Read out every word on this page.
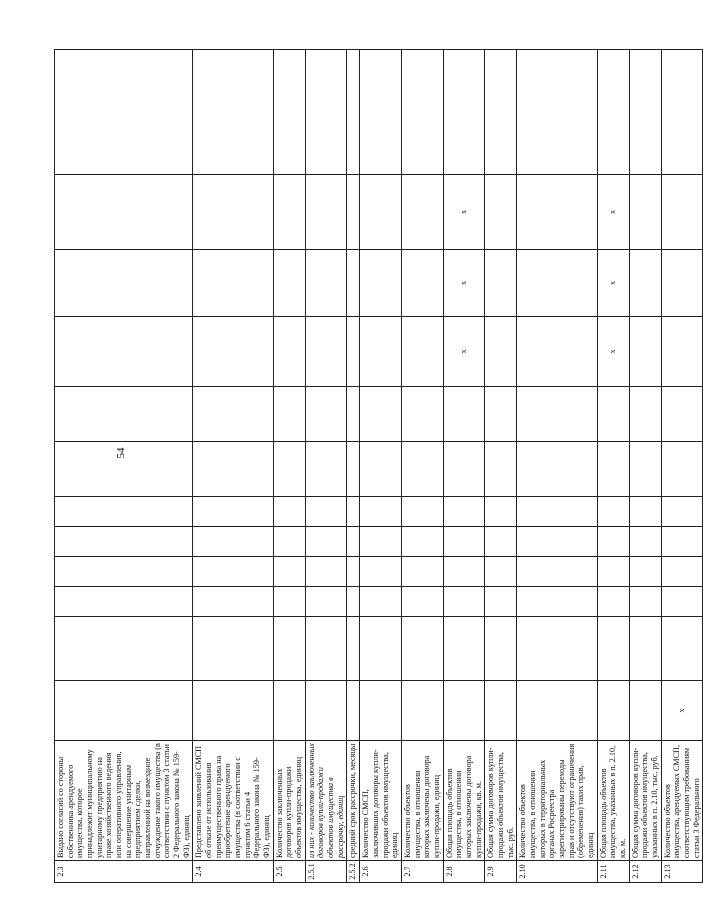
54
2.3	Выдано согласий со стороны собственника арендуемого имущества, которое принадлежит муниципальному унитарному предприятию на праве хозяйственного ведения или оперативного управления, на совершение унитарным предприятием сделки, направленной на возмездное отчуждение такого имущества (в соответствии с пунктом 3 статьи 2 Федерального закона № 159-ФЗ), единиц												
2.4	Представлено заявлений СМСП об отказе от использования преимущественного права на приобретение арендуемого имущества (в соответствии с пунктом 6 статьи 4 Федерального закона № 159-ФЗ), единиц												
2.5	Количество заключенных договоров купли-продажи объектов имущества, единиц												
2.5.1	из них - количество заключенных договоров купли-продажи объектов имущества в рассрочку, единиц												
2.5.2	средний срок рассрочки, месяцы												
2.6	Количество СМСП, заключивших договоры купли-продажи объектов имущества, единиц												
2.7	Количество объектов имущества, в отношении которых заключены договора купли-продажи, единиц												
2.8	Общая площадь объектов имущества, в отношении которых заключены договора купли-продажи, кв. м.									x	x	x	
2.9	Общая сумма договоров купли-продажи объектов имущества, тыс. руб.												
2.10	Количество объектов имущества, в отношении которых в территориальных органах Росреестра зарегистрированы переходы прав и отсутствуют ограничения (обременения) таких прав, единиц												
2.11	Общая площадь объектов имущества, указанных в п. 2.10, кв. м.									x	x	x	
2.12	Общая сумма договоров купли-продажи объектов имущества, указанных в п. 2.10, тыс. руб.												
2.13	Количество объектов имущества, арендуемых СМСП, соответствующим требованиям статьи 3 Федерального	x											
